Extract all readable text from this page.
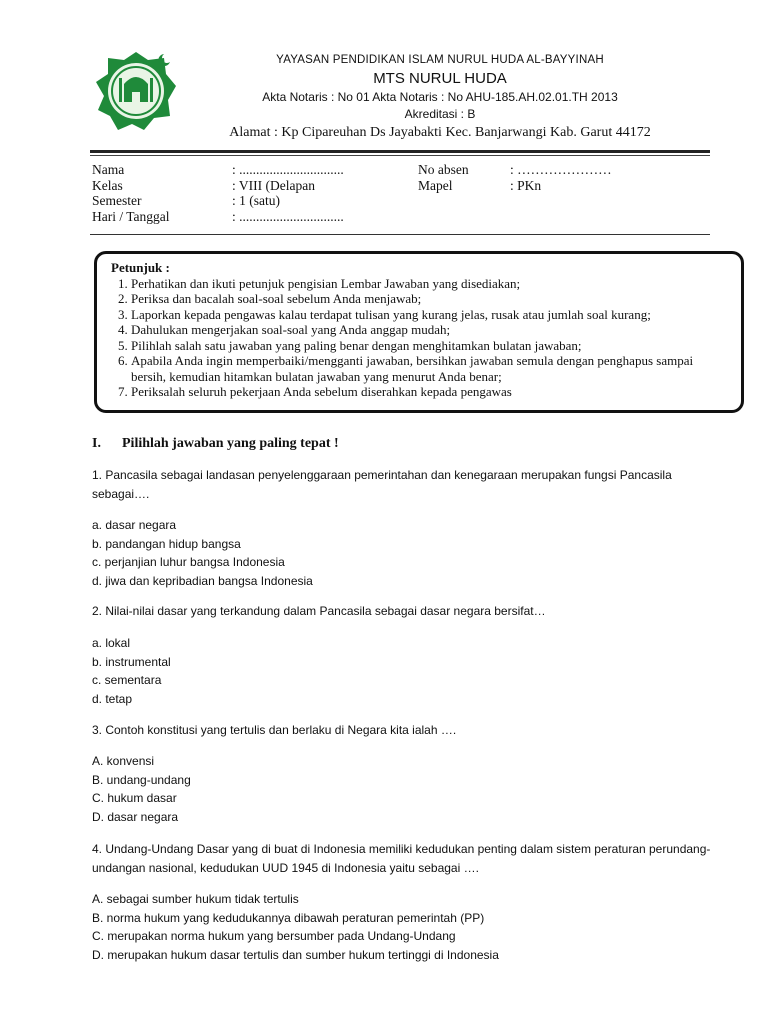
YAYASAN PENDIDIKAN ISLAM NURUL HUDA AL-BAYYINAH
MTS NURUL HUDA
Akta Notaris : No 01 Akta Notaris : No AHU-185.AH.02.01.TH 2013
Akreditasi : B
Alamat : Kp Cipareuhan Ds Jayabakti Kec. Banjarwangi Kab. Garut 44172
Nama	: ...............................	No absen	: …………………
Kelas	: VIII (Delapan	Mapel	: PKn
Semester	: 1 (satu)
Hari / Tanggal	: ...............................
Petunjuk :
1. Perhatikan dan ikuti petunjuk pengisian Lembar Jawaban yang disediakan;
2. Periksa dan bacalah soal-soal sebelum Anda menjawab;
3. Laporkan kepada pengawas kalau terdapat tulisan yang kurang jelas, rusak atau jumlah soal kurang;
4. Dahulukan mengerjakan soal-soal yang Anda anggap mudah;
5. Pilihlah salah satu jawaban yang paling benar dengan menghitamkan bulatan jawaban;
6. Apabila Anda ingin memperbaiki/mengganti jawaban, bersihkan jawaban semula dengan penghapus sampai bersih, kemudian hitamkan bulatan jawaban yang menurut Anda benar;
7. Periksalah seluruh pekerjaan Anda sebelum diserahkan kepada pengawas
I. Pilihlah jawaban yang paling tepat !
1. Pancasila sebagai landasan penyelenggaraan pemerintahan dan kenegaraan merupakan fungsi Pancasila sebagai….
a. dasar negara
b. pandangan hidup bangsa
c. perjanjian luhur bangsa Indonesia
d. jiwa dan kepribadian bangsa Indonesia
2. Nilai-nilai dasar yang terkandung dalam Pancasila sebagai dasar negara bersifat…
a. lokal
b. instrumental
c. sementara
d. tetap
3. Contoh konstitusi yang tertulis dan berlaku di Negara kita ialah ….
A. konvensi
B. undang-undang
C. hukum dasar
D. dasar negara
4. Undang-Undang Dasar yang di buat di Indonesia memiliki kedudukan penting dalam sistem peraturan perundang-undangan nasional, kedudukan UUD 1945 di Indonesia yaitu sebagai ….
A. sebagai sumber hukum tidak tertulis
B. norma hukum yang kedudukannya dibawah peraturan pemerintah (PP)
C. merupakan norma hukum yang bersumber pada Undang-Undang
D. merupakan hukum dasar tertulis dan sumber hukum tertinggi di Indonesia
